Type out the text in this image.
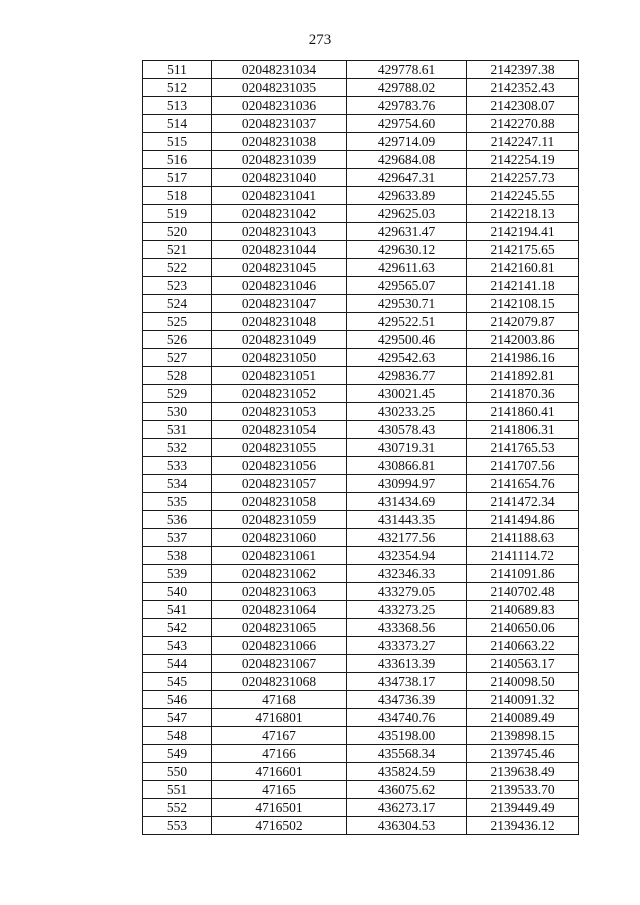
273
511	02048231034	429778.61	2142397.38
512	02048231035	429788.02	2142352.43
513	02048231036	429783.76	2142308.07
514	02048231037	429754.60	2142270.88
515	02048231038	429714.09	2142247.11
516	02048231039	429684.08	2142254.19
517	02048231040	429647.31	2142257.73
518	02048231041	429633.89	2142245.55
519	02048231042	429625.03	2142218.13
520	02048231043	429631.47	2142194.41
521	02048231044	429630.12	2142175.65
522	02048231045	429611.63	2142160.81
523	02048231046	429565.07	2142141.18
524	02048231047	429530.71	2142108.15
525	02048231048	429522.51	2142079.87
526	02048231049	429500.46	2142003.86
527	02048231050	429542.63	2141986.16
528	02048231051	429836.77	2141892.81
529	02048231052	430021.45	2141870.36
530	02048231053	430233.25	2141860.41
531	02048231054	430578.43	2141806.31
532	02048231055	430719.31	2141765.53
533	02048231056	430866.81	2141707.56
534	02048231057	430994.97	2141654.76
535	02048231058	431434.69	2141472.34
536	02048231059	431443.35	2141494.86
537	02048231060	432177.56	2141188.63
538	02048231061	432354.94	2141114.72
539	02048231062	432346.33	2141091.86
540	02048231063	433279.05	2140702.48
541	02048231064	433273.25	2140689.83
542	02048231065	433368.56	2140650.06
543	02048231066	433373.27	2140663.22
544	02048231067	433613.39	2140563.17
545	02048231068	434738.17	2140098.50
546	47168	434736.39	2140091.32
547	4716801	434740.76	2140089.49
548	47167	435198.00	2139898.15
549	47166	435568.34	2139745.46
550	4716601	435824.59	2139638.49
551	47165	436075.62	2139533.70
552	4716501	436273.17	2139449.49
553	4716502	436304.53	2139436.12
